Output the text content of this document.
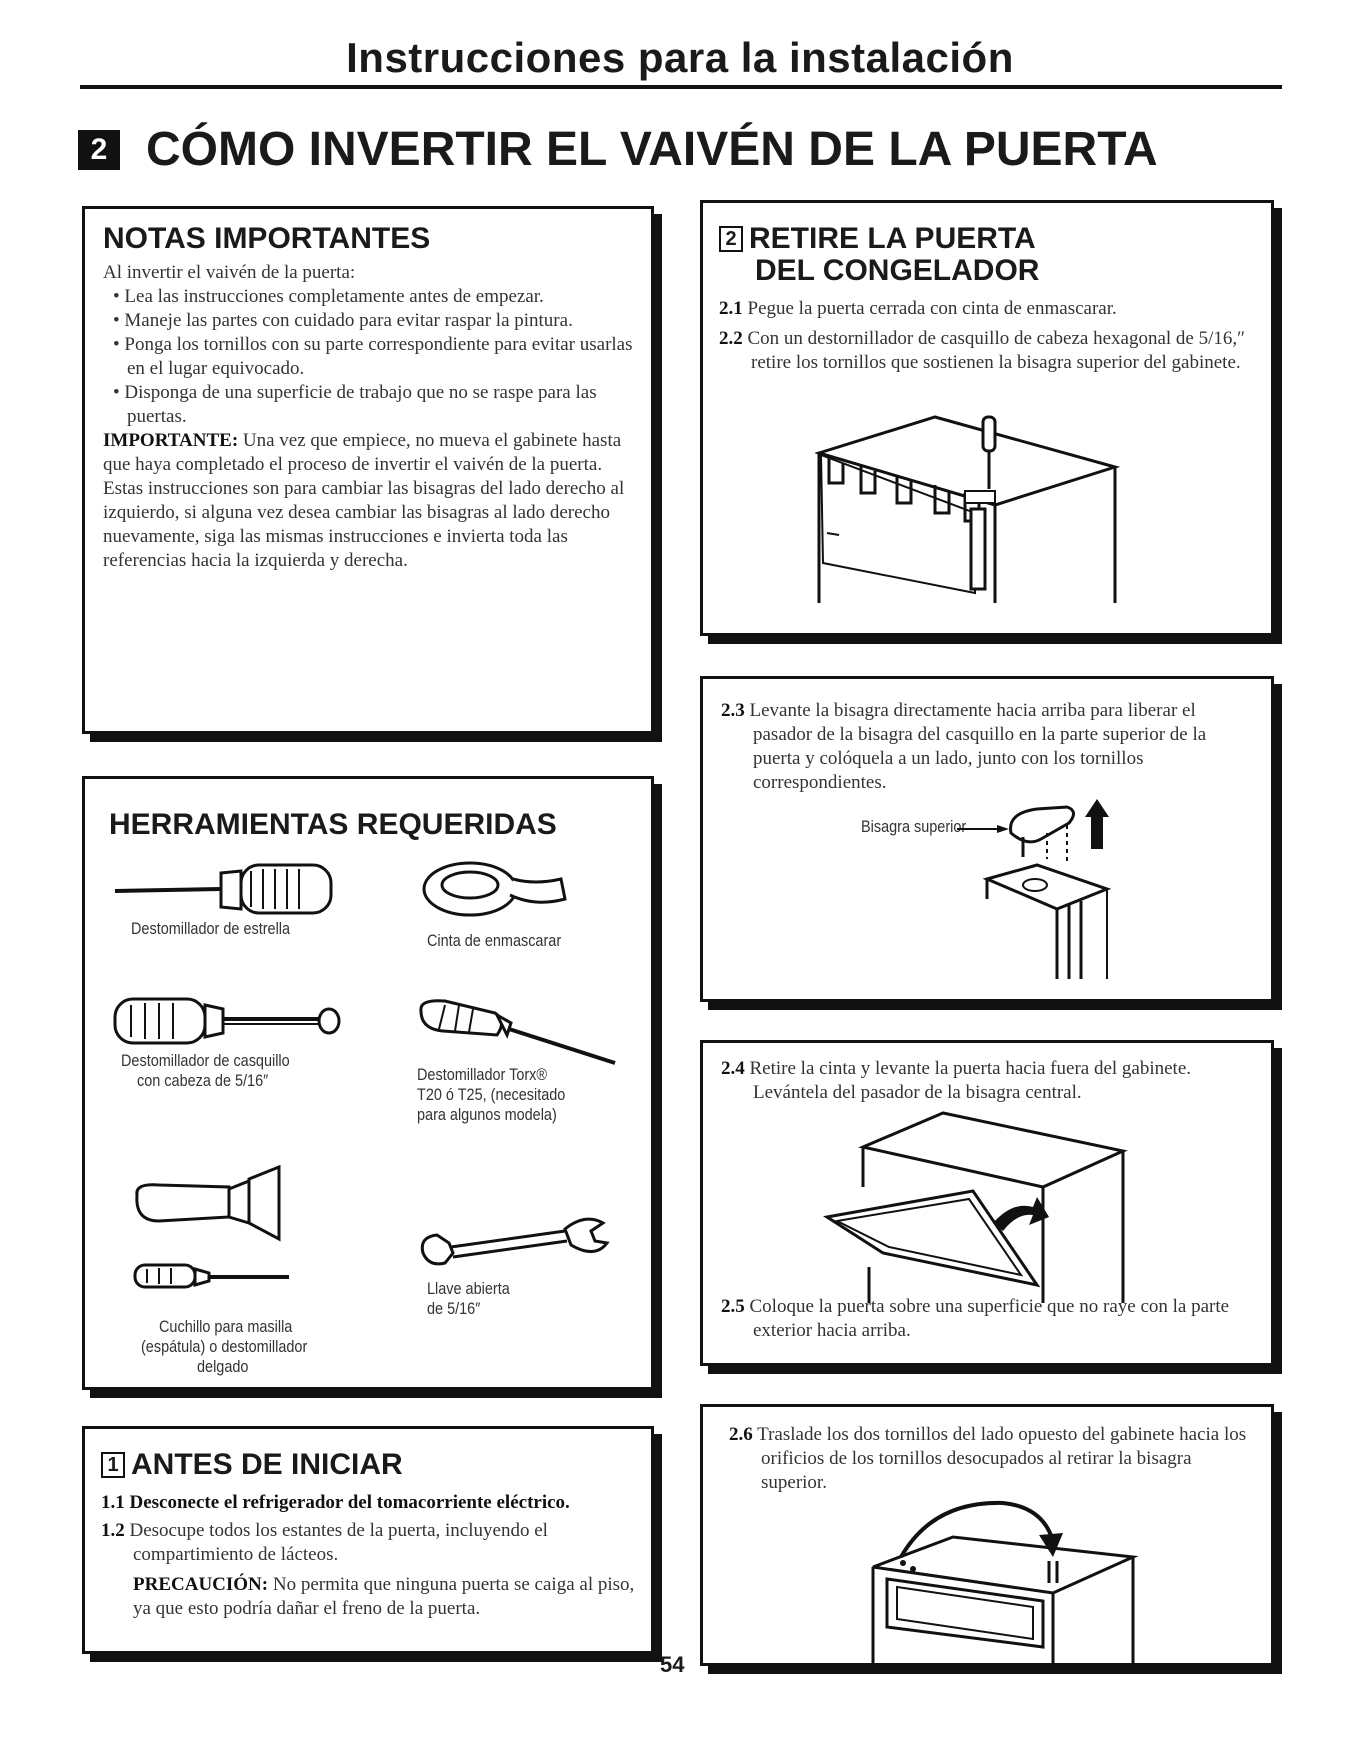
Instrucciones para la instalación
2 CÓMO INVERTIR EL VAIVÉN DE LA PUERTA
NOTAS IMPORTANTES
Al invertir el vaivén de la puerta:
• Lea las instrucciones completamente antes de empezar.
• Maneje las partes con cuidado para evitar raspar la pintura.
• Ponga los tornillos con su parte correspondiente para evitar usarlas en el lugar equivocado.
• Disponga de una superficie de trabajo que no se raspe para las puertas.
IMPORTANTE: Una vez que empiece, no mueva el gabinete hasta que haya completado el proceso de invertir el vaivén de la puerta.
Estas instrucciones son para cambiar las bisagras del lado derecho al izquierdo, si alguna vez desea cambiar las bisagras al lado derecho nuevamente, siga las mismas instrucciones e invierta toda las referencias hacia la izquierda y derecha.
HERRAMIENTAS REQUERIDAS
Destomillador de estrella
Cinta de enmascarar
Destomillador de casquillo
con cabeza de 5/16″	Destomillador Torx®
T20 ó T25, (necesitado
para algunos modela)
Cuchillo para masilla
(espátula) o destomillador
delgado
Llave abierta
de 5/16″
1 ANTES DE INICIAR
1.1 Desconecte el refrigerador del tomacorriente eléctrico.
1.2 Desocupe todos los estantes de la puerta, incluyendo el compartimiento de lácteos.
PRECAUCIÓN: No permita que ninguna puerta se caiga al piso, ya que esto podría dañar el freno de la puerta.
2 RETIRE LA PUERTA
DEL CONGELADOR
2.1 Pegue la puerta cerrada con cinta de enmascarar.
2.2 Con un destornillador de casquillo de cabeza hexagonal de 5/16,″ retire los tornillos que sostienen la bisagra superior del gabinete.
2.3 Levante la bisagra directamente hacia arriba para liberar el pasador de la bisagra del casquillo en la parte superior de la puerta y colóquela a un lado, junto con los tornillos correspondientes.
Bisagra superior
2.4 Retire la cinta y levante la puerta hacia fuera del gabinete. Levántela del pasador de la bisagra central.
2.5 Coloque la puerta sobre una superficie que no raye con la parte exterior hacia arriba.
2.6 Traslade los dos tornillos del lado opuesto del gabinete hacia los orificios de los tornillos desocupados al retirar la bisagra superior.
54
